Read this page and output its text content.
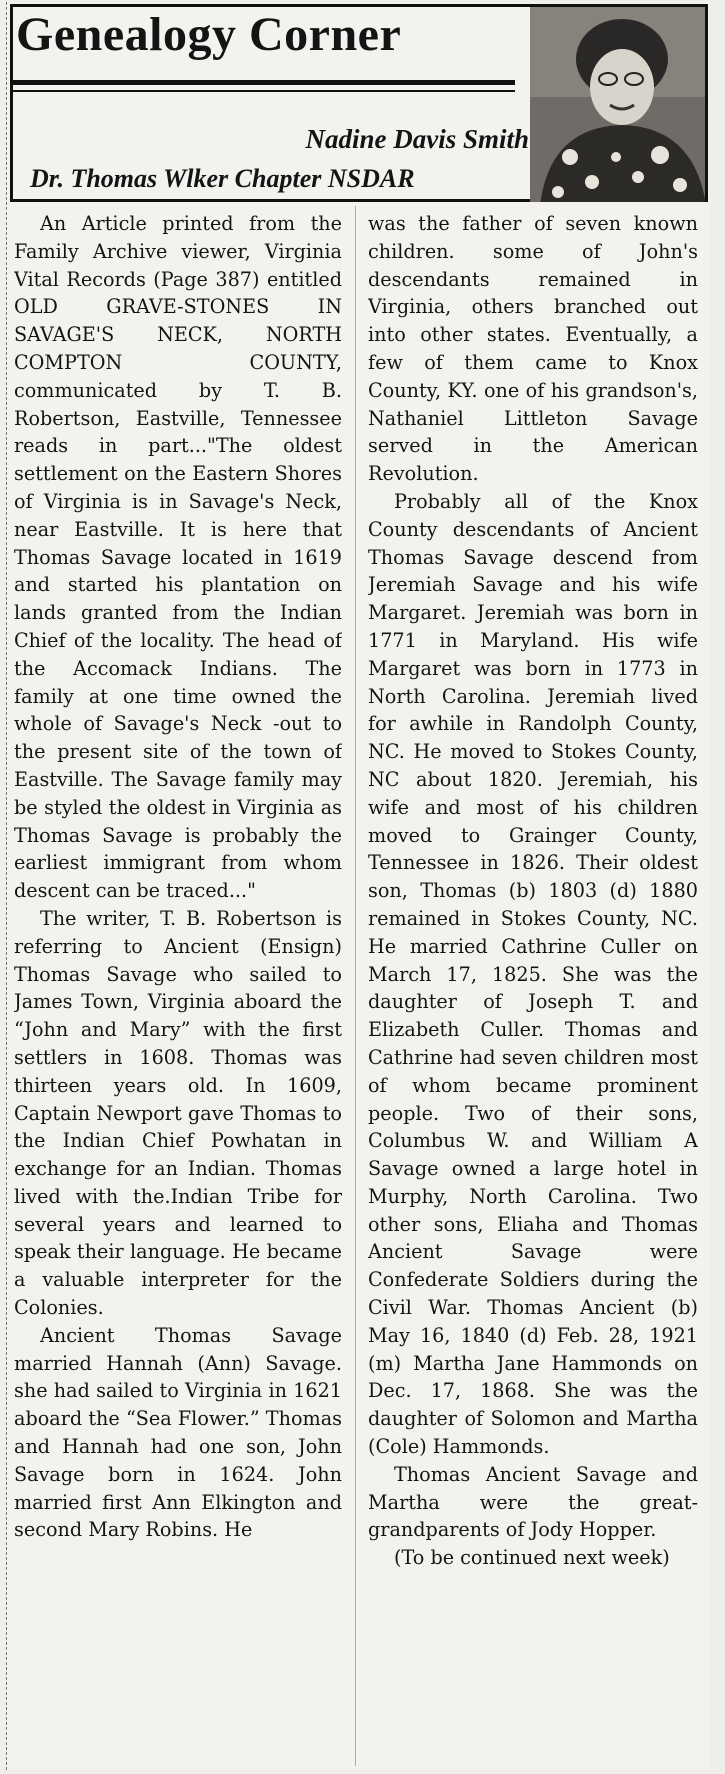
Genealogy Corner
Nadine Davis Smith
Dr. Thomas Wlker Chapter NSDAR

An Article printed from the Family Archive viewer, Virginia Vital Records (Page 387) entitled OLD GRAVE-STONES IN SAVAGE'S NECK, NORTH COMPTON COUNTY, communicated by T. B. Robertson, Eastville, Tennessee reads in part..."The oldest settlement on the Eastern Shores of Virginia is in Savage's Neck, near Eastville. It is here that Thomas Savage located in 1619 and started his plantation on lands granted from the Indian Chief of the locality. The head of the Accomack Indians. The family at one time owned the whole of Savage's Neck -out to the present site of the town of Eastville. The Savage family may be styled the oldest in Virginia as Thomas Savage is probably the earliest immigrant from whom descent can be traced..."

The writer, T. B. Robertson is referring to Ancient (Ensign) Thomas Savage who sailed to James Town, Virginia aboard the “John and Mary” with the first settlers in 1608. Thomas was thirteen years old. In 1609, Captain Newport gave Thomas to the Indian Chief Powhatan in exchange for an Indian. Thomas lived with the.Indian Tribe for several years and learned to speak their language. He became a valuable interpreter for the Colonies.

Ancient Thomas Savage married Hannah (Ann) Savage. she had sailed to Virginia in 1621 aboard the “Sea Flower.” Thomas and Hannah had one son, John Savage born in 1624. John married first Ann Elkington and second Mary Robins. He

was the father of seven known children. some of John's descendants remained in Virginia, others branched out into other states. Eventually, a few of them came to Knox County, KY. one of his grandson's, Nathaniel Littleton Savage served in the American Revolution.

Probably all of the Knox County descendants of Ancient Thomas Savage descend from Jeremiah Savage and his wife Margaret. Jeremiah was born in 1771 in Maryland. His wife Margaret was born in 1773 in North Carolina. Jeremiah lived for awhile in Randolph County, NC. He moved to Stokes County, NC about 1820. Jeremiah, his wife and most of his children moved to Grainger County, Tennessee in 1826. Their oldest son, Thomas (b) 1803 (d) 1880 remained in Stokes County, NC. He married Cathrine Culler on March 17, 1825. She was the daughter of Joseph T. and Elizabeth Culler. Thomas and Cathrine had seven children most of whom became prominent people. Two of their sons, Columbus W. and William A Savage owned a large hotel in Murphy, North Carolina. Two other sons, Eliaha and Thomas Ancient Savage were Confederate Soldiers during the Civil War. Thomas Ancient (b) May 16, 1840 (d) Feb. 28, 1921 (m) Martha Jane Hammonds on Dec. 17, 1868. She was the daughter of Solomon and Martha (Cole) Hammonds.

Thomas Ancient Savage and Martha were the great-grandparents of Jody Hopper.

(To be continued next week)
